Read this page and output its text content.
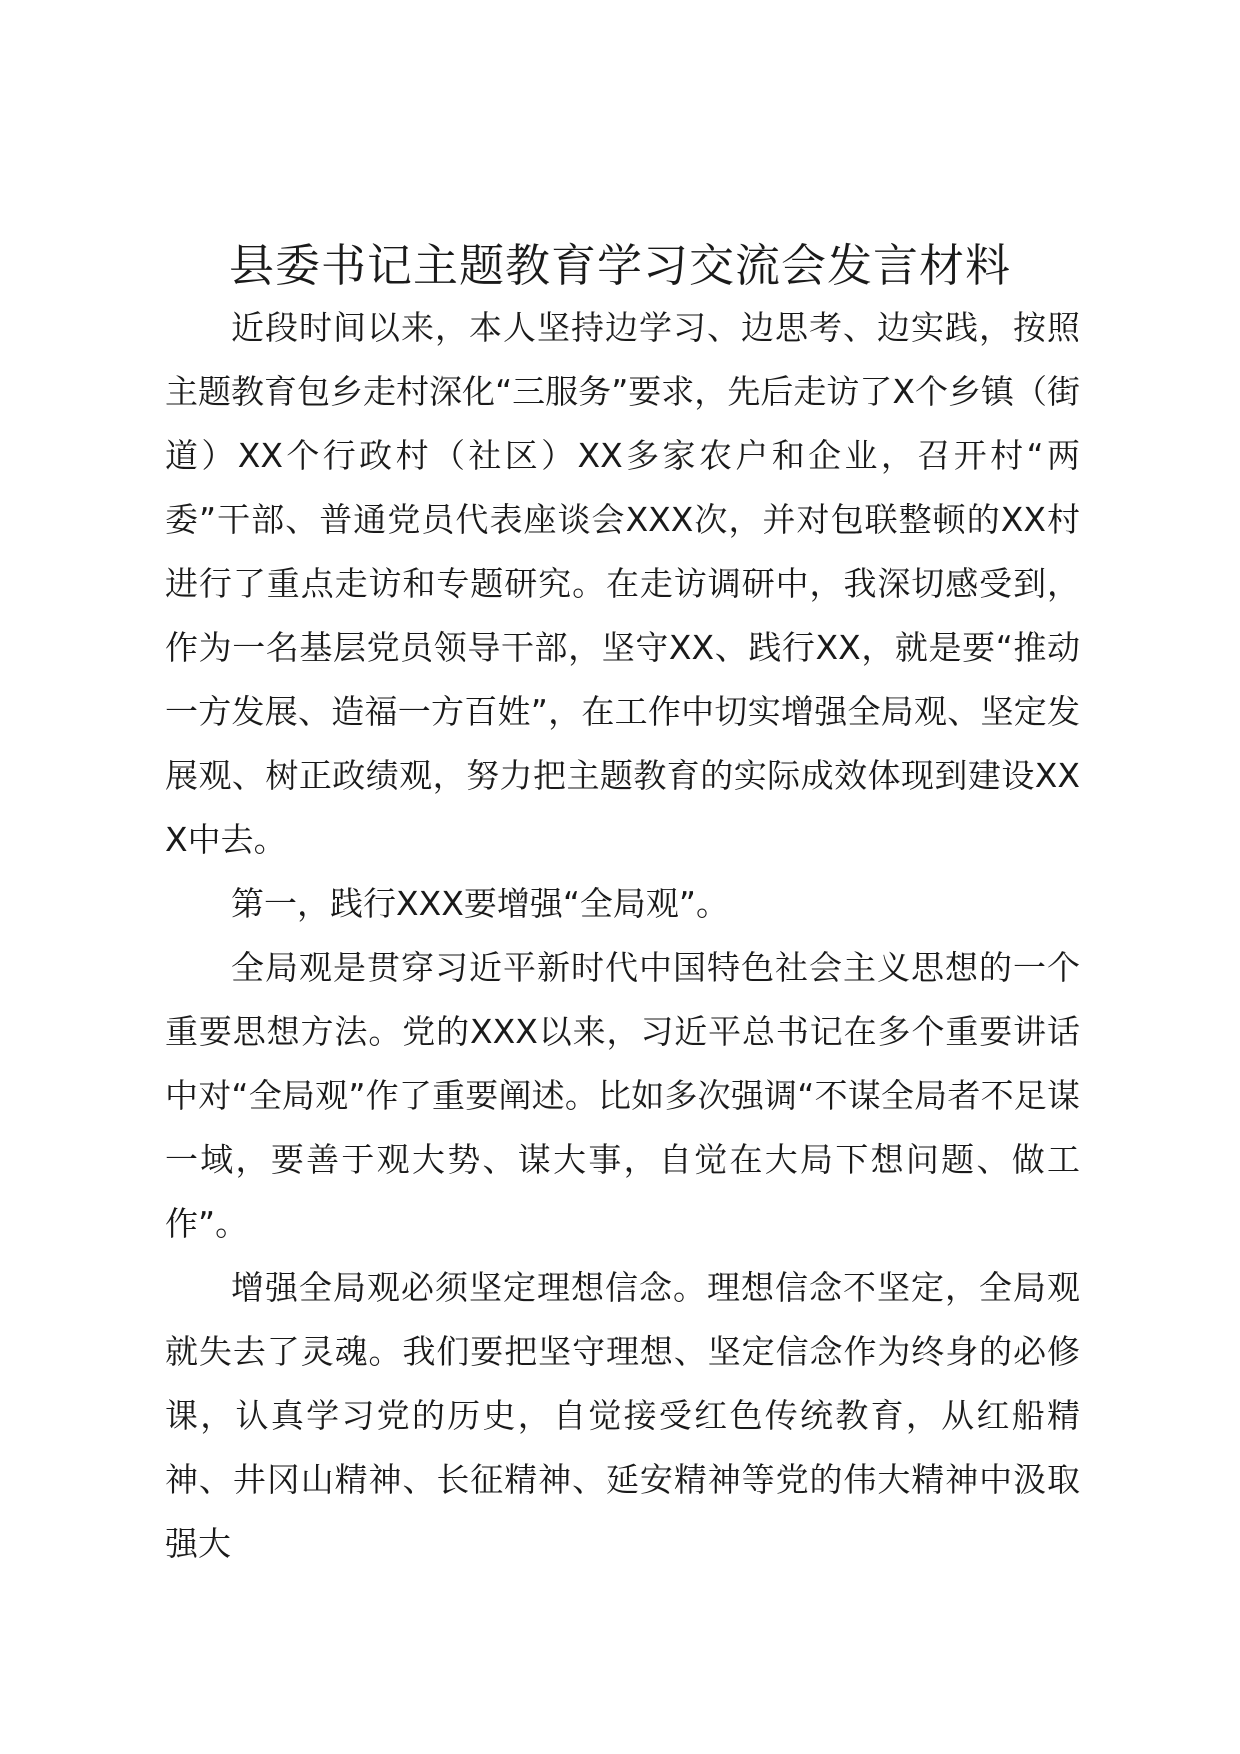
县委书记主题教育学习交流会发言材料

近段时间以来，本人坚持边学习、边思考、边实践，按照主题教育包乡走村深化“三服务”要求，先后走访了X个乡镇（街道）XX个行政村（社区）XX多家农户和企业，召开村“两委”干部、普通党员代表座谈会XXX次，并对包联整顿的XX村进行了重点走访和专题研究。在走访调研中，我深切感受到，作为一名基层党员领导干部，坚守XX、践行XX，就是要“推动一方发展、造福一方百姓”，在工作中切实增强全局观、坚定发展观、树正政绩观，努力把主题教育的实际成效体现到建设XXX中去。

第一，践行XXX要增强“全局观”。

全局观是贯穿习近平新时代中国特色社会主义思想的一个重要思想方法。党的XXX以来，习近平总书记在多个重要讲话中对“全局观”作了重要阐述。比如多次强调“不谋全局者不足谋一域，要善于观大势、谋大事，自觉在大局下想问题、做工作”。

增强全局观必须坚定理想信念。理想信念不坚定，全局观就失去了灵魂。我们要把坚守理想、坚定信念作为终身的必修课，认真学习党的历史，自觉接受红色传统教育，从红船精神、井冈山精神、长征精神、延安精神等党的伟大精神中汲取强大
